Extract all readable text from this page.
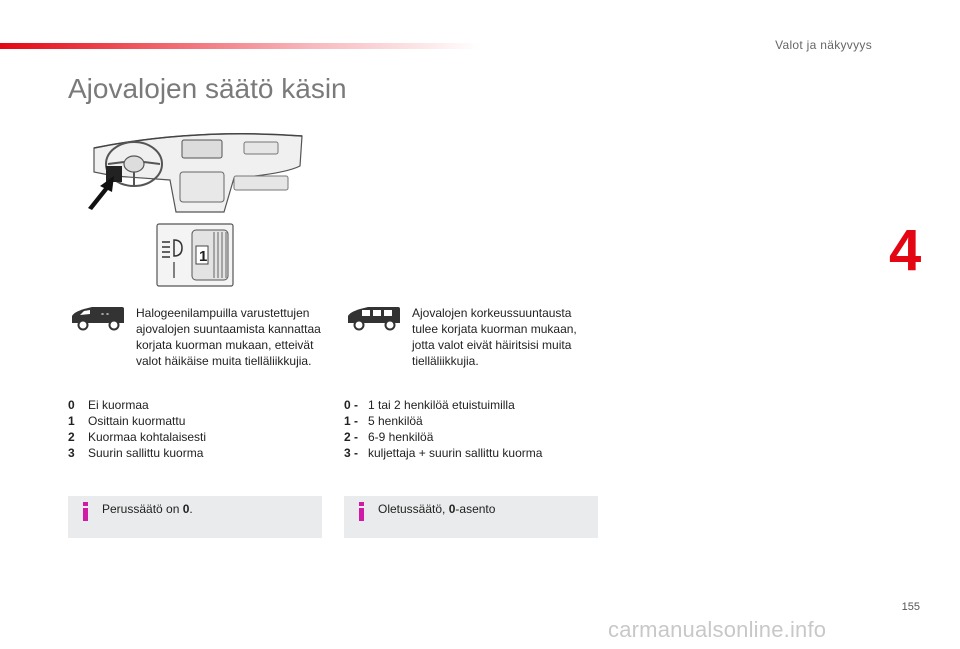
Valot ja näkyvyys
4
Ajovalojen säätö käsin
1
⚬⚬ Halogeenilampuilla varustettujen
ajovalojen suuntaamista kannattaa
korjata kuorman mukaan, etteivät
valot häikäise muita tielläliikkujia.
Ajovalojen korkeussuuntausta
tulee korjata kuorman mukaan,
jotta valot eivät häiritsisi muita
tielläliikkujia.
0	Ei kuormaa
1	Osittain kuormattu
2	Kuormaa kohtalaisesti
3	Suurin sallittu kuorma
0 - 1 tai 2 henkilöä etuistuimilla
1 - 5 henkilöä
2 - 6-9 henkilöä
3 - kuljettaja + suurin sallittu kuorma
Perussäätö on 0.	Oletussäätö, 0-asento
155
carmanualsonline.info
